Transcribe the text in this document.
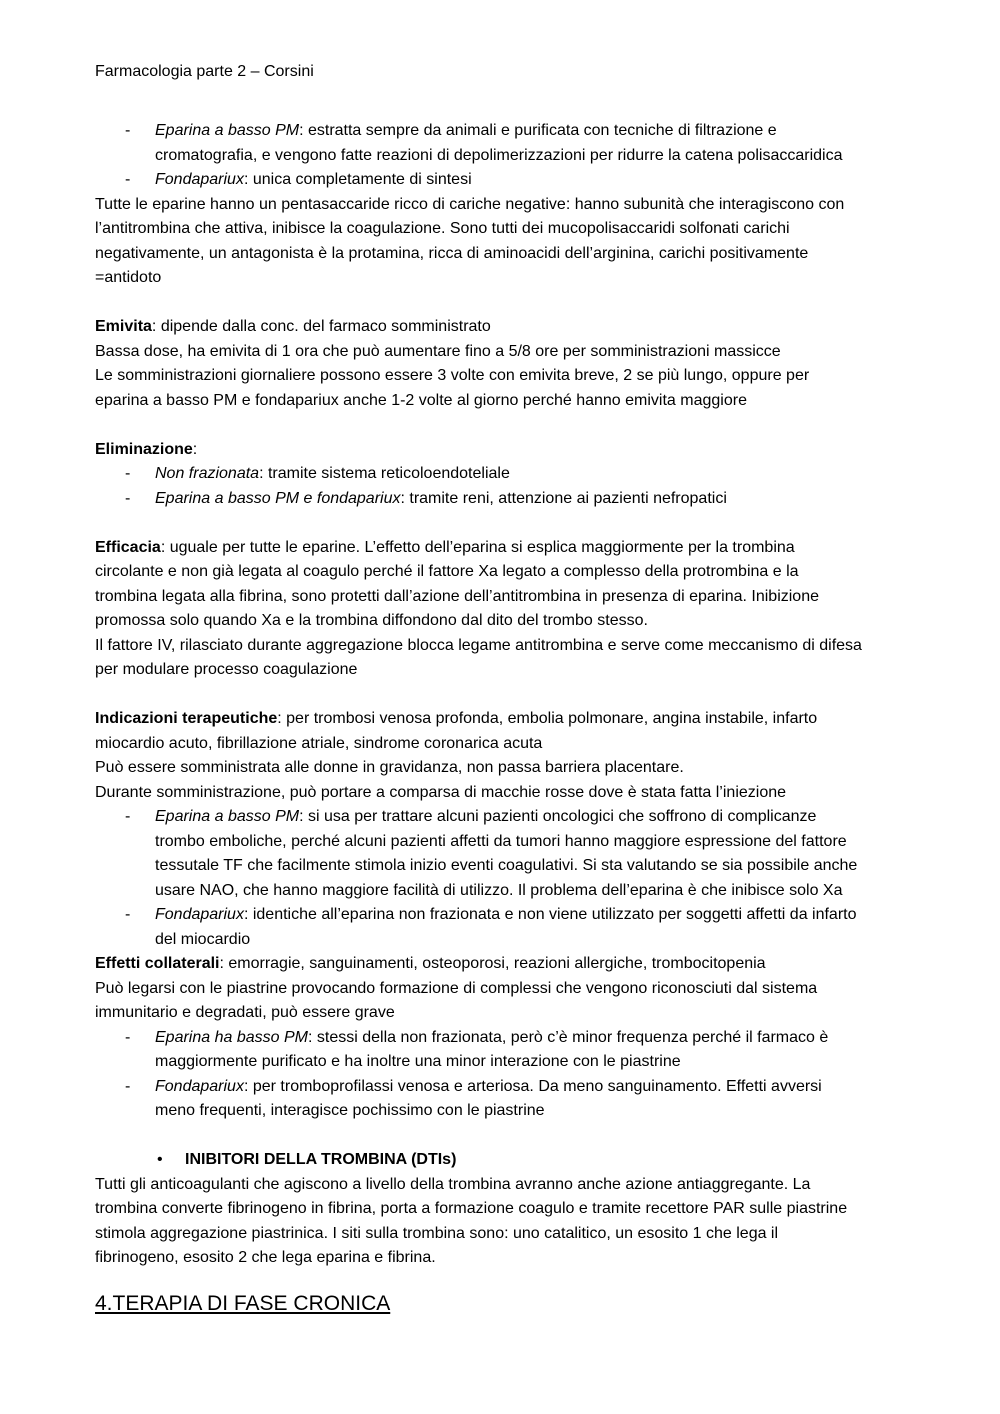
Farmacologia parte 2 – Corsini
- Eparina a basso PM: estratta sempre da animali e purificata con tecniche di filtrazione e
cromatografia, e vengono fatte reazioni di depolimerizzazioni per ridurre la catena polisaccaridica
- Fondapariux: unica completamente di sintesi
Tutte le eparine hanno un pentasaccaride ricco di cariche negative: hanno subunità che interagiscono con
l’antitrombina che attiva, inibisce la coagulazione. Sono tutti dei mucopolisaccaridi solfonati carichi
negativamente, un antagonista è la protamina, ricca di aminoacidi dell’arginina, carichi positivamente
=antidoto
Emivita: dipende dalla conc. del farmaco somministrato
Bassa dose, ha emivita di 1 ora che può aumentare fino a 5/8 ore per somministrazioni massicce
Le somministrazioni giornaliere possono essere 3 volte con emivita breve, 2 se più lungo, oppure per
eparina a basso PM e fondapariux anche 1-2 volte al giorno perché hanno emivita maggiore
Eliminazione:
- Non frazionata: tramite sistema reticoloendoteliale
- Eparina a basso PM e fondapariux: tramite reni, attenzione ai pazienti nefropatici
Efficacia: uguale per tutte le eparine. L’effetto dell’eparina si esplica maggiormente per la trombina
circolante e non già legata al coagulo perché il fattore Xa legato a complesso della protrombina e la
trombina legata alla fibrina, sono protetti dall’azione dell’antitrombina in presenza di eparina. Inibizione
promossa solo quando Xa e la trombina diffondono dal dito del trombo stesso.
Il fattore IV, rilasciato durante aggregazione blocca legame antitrombina e serve come meccanismo di difesa
per modulare processo coagulazione
Indicazioni terapeutiche: per trombosi venosa profonda, embolia polmonare, angina instabile, infarto
miocardio acuto, fibrillazione atriale, sindrome coronarica acuta
Può essere somministrata alle donne in gravidanza, non passa barriera placentare.
Durante somministrazione, può portare a comparsa di macchie rosse dove è stata fatta l’iniezione
- Eparina a basso PM: si usa per trattare alcuni pazienti oncologici che soffrono di complicanze
trombo emboliche, perché alcuni pazienti affetti da tumori hanno maggiore espressione del fattore
tessutale TF che facilmente stimola inizio eventi coagulativi. Si sta valutando se sia possibile anche
usare NAO, che hanno maggiore facilità di utilizzo. Il problema dell’eparina è che inibisce solo Xa
- Fondapariux: identiche all’eparina non frazionata e non viene utilizzato per soggetti affetti da infarto
del miocardio
Effetti collaterali: emorragie, sanguinamenti, osteoporosi, reazioni allergiche, trombocitopenia
Può legarsi con le piastrine provocando formazione di complessi che vengono riconosciuti dal sistema
immunitario e degradati, può essere grave
- Eparina ha basso PM: stessi della non frazionata, però c’è minor frequenza perché il farmaco è
maggiormente purificato e ha inoltre una minor interazione con le piastrine
- Fondapariux: per tromboprofilassi venosa e arteriosa. Da meno sanguinamento. Effetti avversi
meno frequenti, interagisce pochissimo con le piastrine
• INIBITORI DELLA TROMBINA (DTIs)
Tutti gli anticoagulanti che agiscono a livello della trombina avranno anche azione antiaggregante. La
trombina converte fibrinogeno in fibrina, porta a formazione coagulo e tramite recettore PAR sulle piastrine
stimola aggregazione piastrinica. I siti sulla trombina sono: uno catalitico, un esosito 1 che lega il
fibrinogeno, esosito 2 che lega eparina e fibrina.
4.TERAPIA DI FASE CRONICA
